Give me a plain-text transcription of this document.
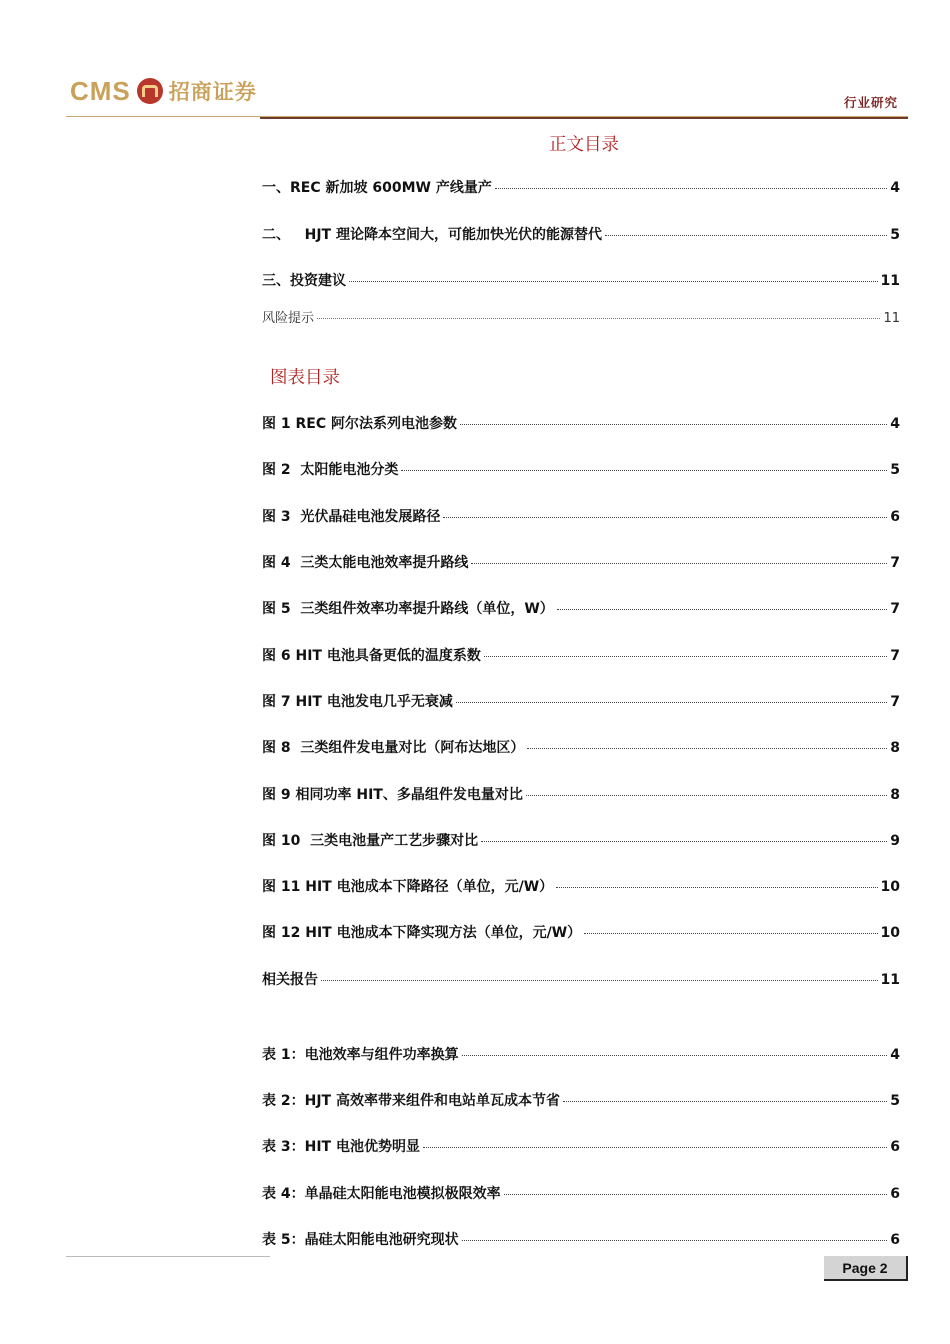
CMS 招商证券	行业研究
正文目录
一、REC 新加坡 600MW 产线量产	4
二、   HJT 理论降本空间大，可能加快光伏的能源替代	5
三、投资建议	11
风险提示	11
图表目录
图 1 REC 阿尔法系列电池参数	4
图 2  太阳能电池分类	5
图 3  光伏晶硅电池发展路径	6
图 4  三类太能电池效率提升路线	7
图 5  三类组件效率功率提升路线（单位，W）	7
图 6 HIT 电池具备更低的温度系数	7
图 7 HIT 电池发电几乎无衰减	7
图 8  三类组件发电量对比（阿布达地区）	8
图 9 相同功率 HIT、多晶组件发电量对比	8
图 10  三类电池量产工艺步骤对比	9
图 11 HIT 电池成本下降路径（单位，元/W）	10
图 12 HIT 电池成本下降实现方法（单位，元/W）	10
相关报告	11
表 1：电池效率与组件功率换算	4
表 2：HJT 高效率带来组件和电站单瓦成本节省	5
表 3：HIT 电池优势明显	6
表 4：单晶硅太阳能电池模拟极限效率	6
表 5：晶硅太阳能电池研究现状	6
Page 2
